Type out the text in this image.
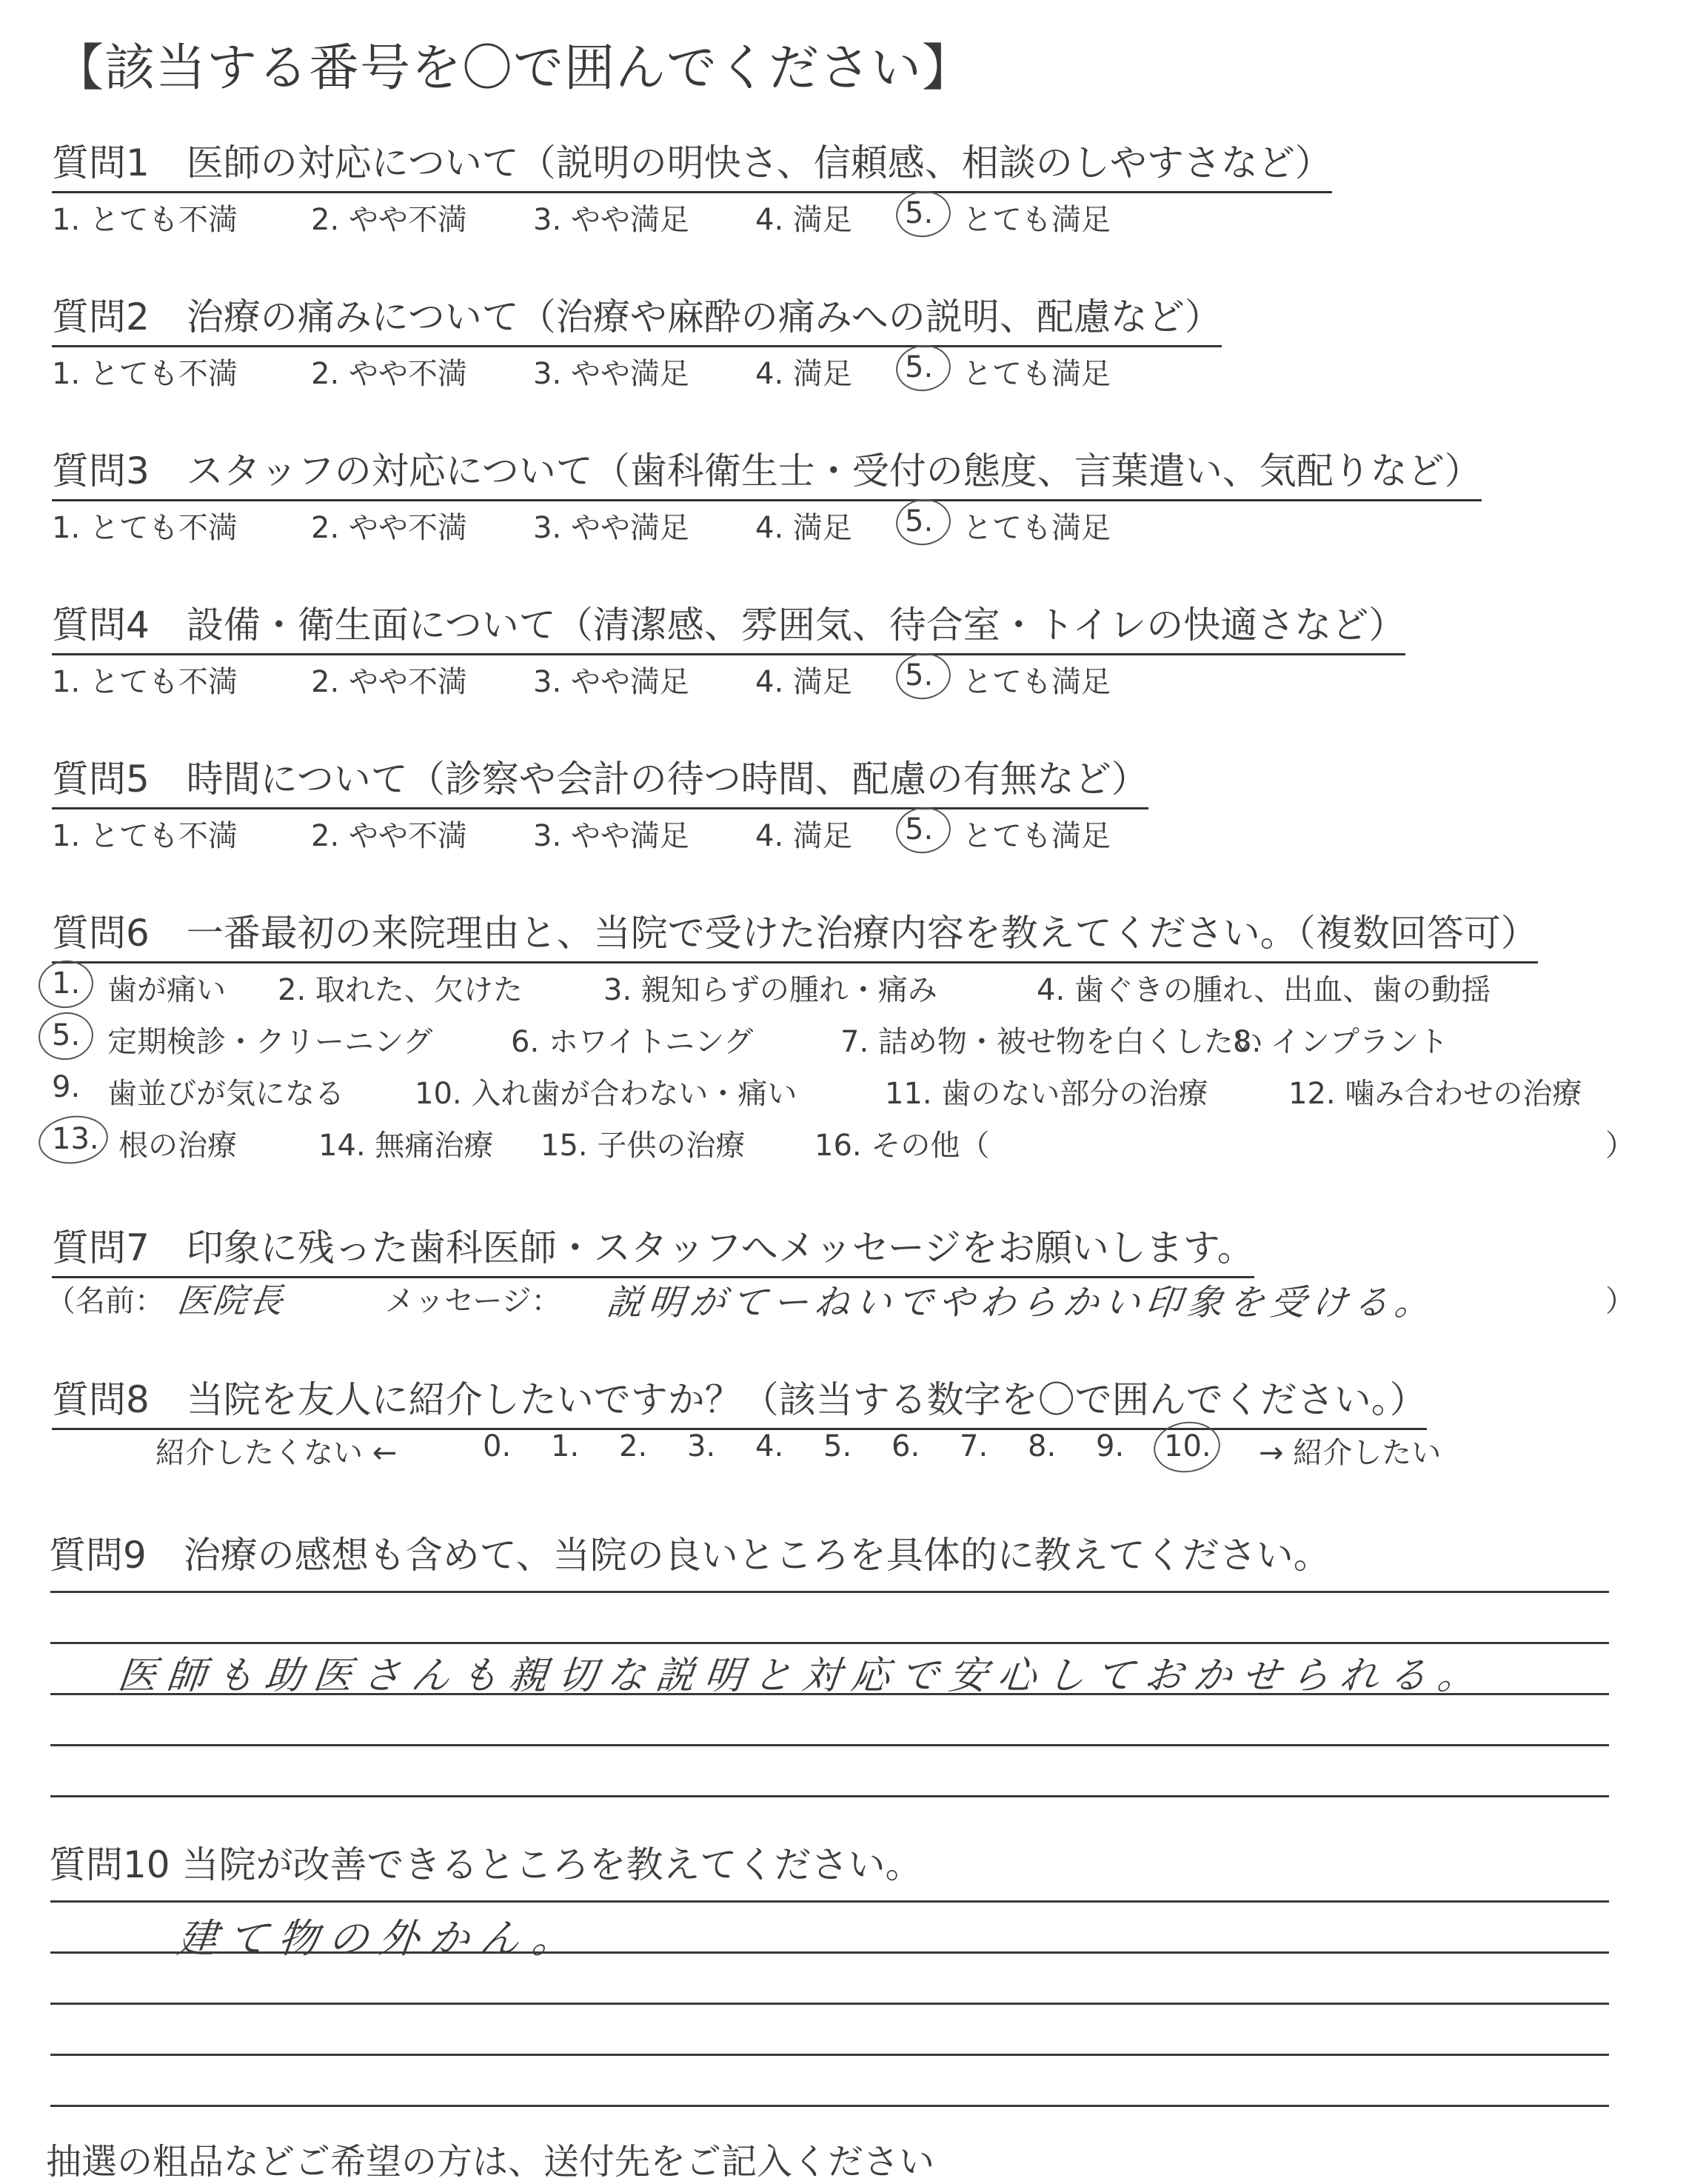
【該当する番号を〇で囲んでください】
質問1　医師の対応について（説明の明快さ、信頼感、相談のしやすさなど）
1. とても不満 2. やや不満 3. やや満足 4. 満足 5. とても満足
質問2　治療の痛みについて（治療や麻酔の痛みへの説明、配慮など）
1. とても不満 2. やや不満 3. やや満足 4. 満足 5. とても満足
質問3　スタッフの対応について（歯科衛生士・受付の態度、言葉遣い、気配りなど）
1. とても不満 2. やや不満 3. やや満足 4. 満足 5. とても満足
質問4　設備・衛生面について（清潔感、雰囲気、待合室・トイレの快適さなど）
1. とても不満 2. やや不満 3. やや満足 4. 満足 5. とても満足
質問5　時間について（診察や会計の待つ時間、配慮の有無など）
1. とても不満 2. やや不満 3. やや満足 4. 満足 5. とても満足
質問6　一番最初の来院理由と、当院で受けた治療内容を教えてください。（複数回答可）
1. 歯が痛い 2. 取れた、欠けた	3. 親知らずの腫れ・痛み	4. 歯ぐきの腫れ、出血、歯の動揺
5. 定期検診・クリーニング	6. ホワイトニング	7. 詰め物・被せ物を白くしたい
8. インプラント
9. 歯並びが気になる 10. 入れ歯が合わない・痛い	11. 歯のない部分の治療	12. 噛み合わせの治療
13. 根の治療	14. 無痛治療 15. 子供の治療 16. その他（	）
質問7　印象に残った歯科医師・スタッフへメッセージをお願いします。
（名前： 医院長	メッセージ： 説明がてーねいでやわらかい印象を受ける。	）
質問8　当院を友人に紹介したいですか？（該当する数字を〇で囲んでください。）
紹介したくない ←	0. 1. 2. 3. 4. 5. 6. 7. 8. 9. 10. → 紹介したい
質問9　治療の感想も含めて、当院の良いところを具体的に教えてください。
医師も助医さんも親切な説明と対応で安心しておかせられる。
質問10 当院が改善できるところを教えてください。
建て物の外かん。
抽選の粗品などご希望の方は、送付先をご記入ください
